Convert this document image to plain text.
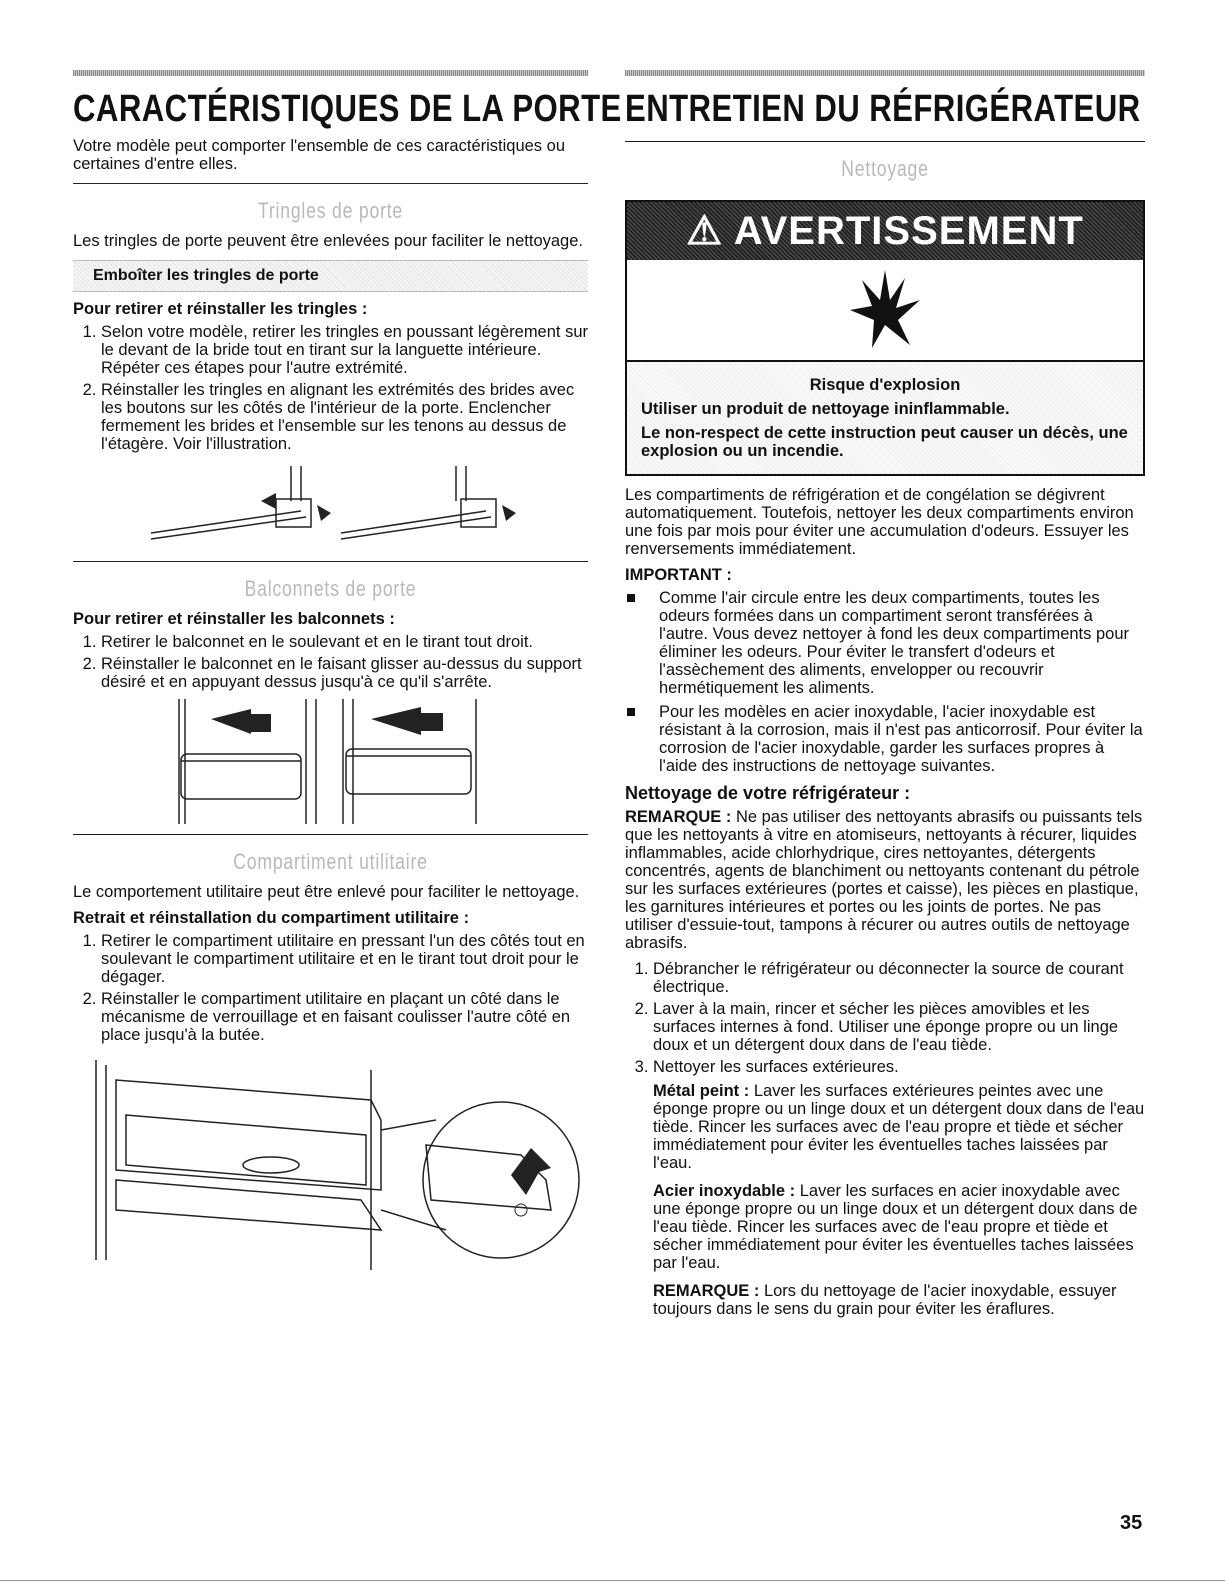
CARACTÉRISTIQUES DE LA PORTE

Votre modèle peut comporter l'ensemble de ces caractéristiques ou certaines d'entre elles.

Tringles de porte

Les tringles de porte peuvent être enlevées pour faciliter le nettoyage.

Emboîter les tringles de porte
Pour retirer et réinstaller les tringles :
1. Selon votre modèle, retirer les tringles en poussant légèrement sur le devant de la bride tout en tirant sur la languette intérieure. Répéter ces étapes pour l'autre extrémité.
2. Réinstaller les tringles en alignant les extrémités des brides avec les boutons sur les côtés de l'intérieur de la porte. Enclencher fermement les brides et l'ensemble sur les tenons au dessus de l'étagère. Voir l'illustration.
Balconnets de porte
Pour retirer et réinstaller les balconnets :
1. Retirer le balconnet en le soulevant et en le tirant tout droit.
2. Réinstaller le balconnet en le faisant glisser au-dessus du support désiré et en appuyant dessus jusqu'à ce qu'il s'arrête.
Compartiment utilitaire

Le comportement utilitaire peut être enlevé pour faciliter le nettoyage.

Retrait et réinstallation du compartiment utilitaire :
1. Retirer le compartiment utilitaire en pressant l'un des côtés tout en soulevant le compartiment utilitaire et en le tirant tout droit pour le dégager.
2. Réinstaller le compartiment utilitaire en plaçant un côté dans le mécanisme de verrouillage et en faisant coulisser l'autre côté en place jusqu'à la butée.
ENTRETIEN DU RÉFRIGÉRATEUR
Nettoyage
⚠ AVERTISSEMENT

Risque d'explosion

Utiliser un produit de nettoyage ininflammable.

Le non-respect de cette instruction peut causer un décès, une explosion ou un incendie.

Les compartiments de réfrigération et de congélation se dégivrent automatiquement. Toutefois, nettoyer les deux compartiments environ une fois par mois pour éviter une accumulation d'odeurs. Essuyer les renversements immédiatement.

IMPORTANT :
Comme l'air circule entre les deux compartiments, toutes les odeurs formées dans un compartiment seront transférées à l'autre. Vous devez nettoyer à fond les deux compartiments pour éliminer les odeurs. Pour éviter le transfert d'odeurs et l'assèchement des aliments, envelopper ou recouvrir hermétiquement les aliments.
Pour les modèles en acier inoxydable, l'acier inoxydable est résistant à la corrosion, mais il n'est pas anticorrosif. Pour éviter la corrosion de l'acier inoxydable, garder les surfaces propres à l'aide des instructions de nettoyage suivantes.
Nettoyage de votre réfrigérateur :

REMARQUE : Ne pas utiliser des nettoyants abrasifs ou puissants tels que les nettoyants à vitre en atomiseurs, nettoyants à récurer, liquides inflammables, acide chlorhydrique, cires nettoyantes, détergents concentrés, agents de blanchiment ou nettoyants contenant du pétrole sur les surfaces extérieures (portes et caisse), les pièces en plastique, les garnitures intérieures et portes ou les joints de portes. Ne pas utiliser d'essuie-tout, tampons à récurer ou autres outils de nettoyage abrasifs.

1. Débrancher le réfrigérateur ou déconnecter la source de courant électrique.
2. Laver à la main, rincer et sécher les pièces amovibles et les surfaces internes à fond. Utiliser une éponge propre ou un linge doux et un détergent doux dans de l'eau tiède.
3. Nettoyer les surfaces extérieures.

Métal peint : Laver les surfaces extérieures peintes avec une éponge propre ou un linge doux et un détergent doux dans de l'eau tiède. Rincer les surfaces avec de l'eau propre et tiède et sécher immédiatement pour éviter les éventuelles taches laissées par l'eau.

Acier inoxydable : Laver les surfaces en acier inoxydable avec une éponge propre ou un linge doux et un détergent doux dans de l'eau tiède. Rincer les surfaces avec de l'eau propre et tiède et sécher immédiatement pour éviter les éventuelles taches laissées par l'eau.

REMARQUE : Lors du nettoyage de l'acier inoxydable, essuyer toujours dans le sens du grain pour éviter les éraflures.

35
